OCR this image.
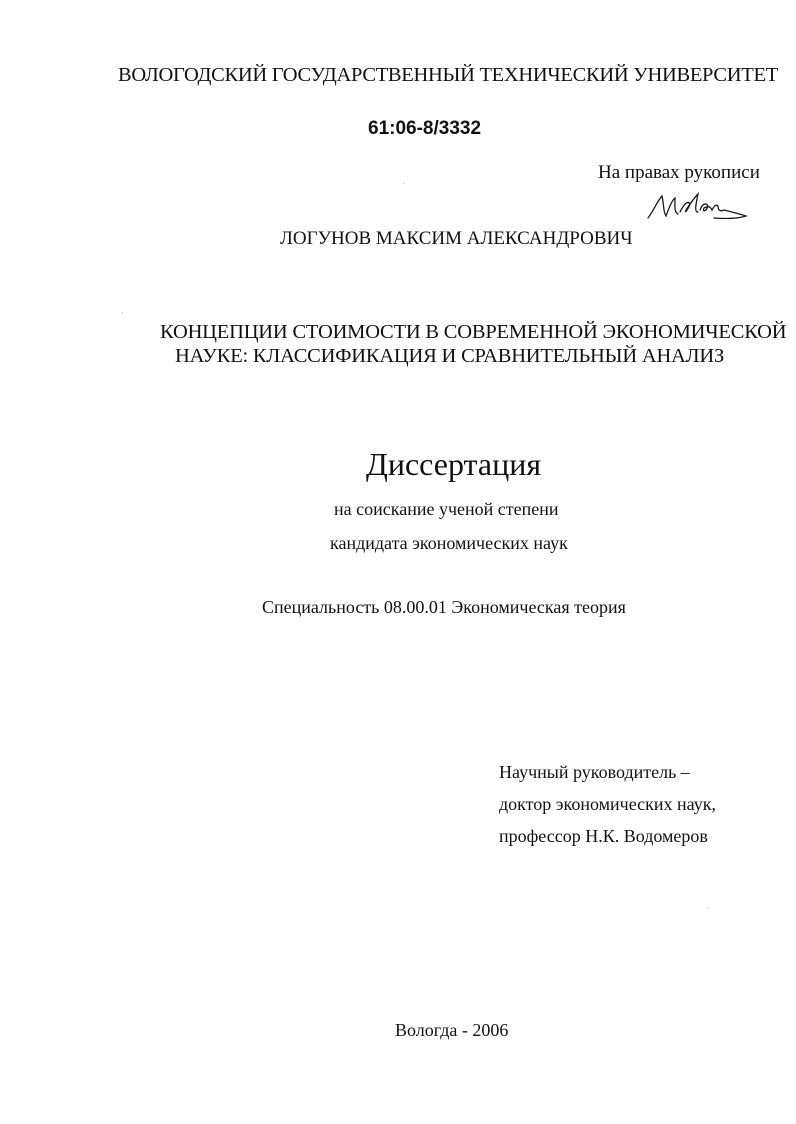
ВОЛОГОДСКИЙ ГОСУДАРСТВЕННЫЙ ТЕХНИЧЕСКИЙ УНИВЕРСИТЕТ
61:06-8/3332
На правах рукописи
ЛОГУНОВ МАКСИМ АЛЕКСАНДРОВИЧ
КОНЦЕПЦИИ СТОИМОСТИ В СОВРЕМЕННОЙ ЭКОНОМИЧЕСКОЙ
НАУКЕ: КЛАССИФИКАЦИЯ И СРАВНИТЕЛЬНЫЙ АНАЛИЗ
Диссертация
на соискание ученой степени
кандидата экономических наук
Специальность 08.00.01 Экономическая теория
Научный руководитель –
доктор экономических наук,
профессор Н.К. Водомеров
Вологда - 2006
